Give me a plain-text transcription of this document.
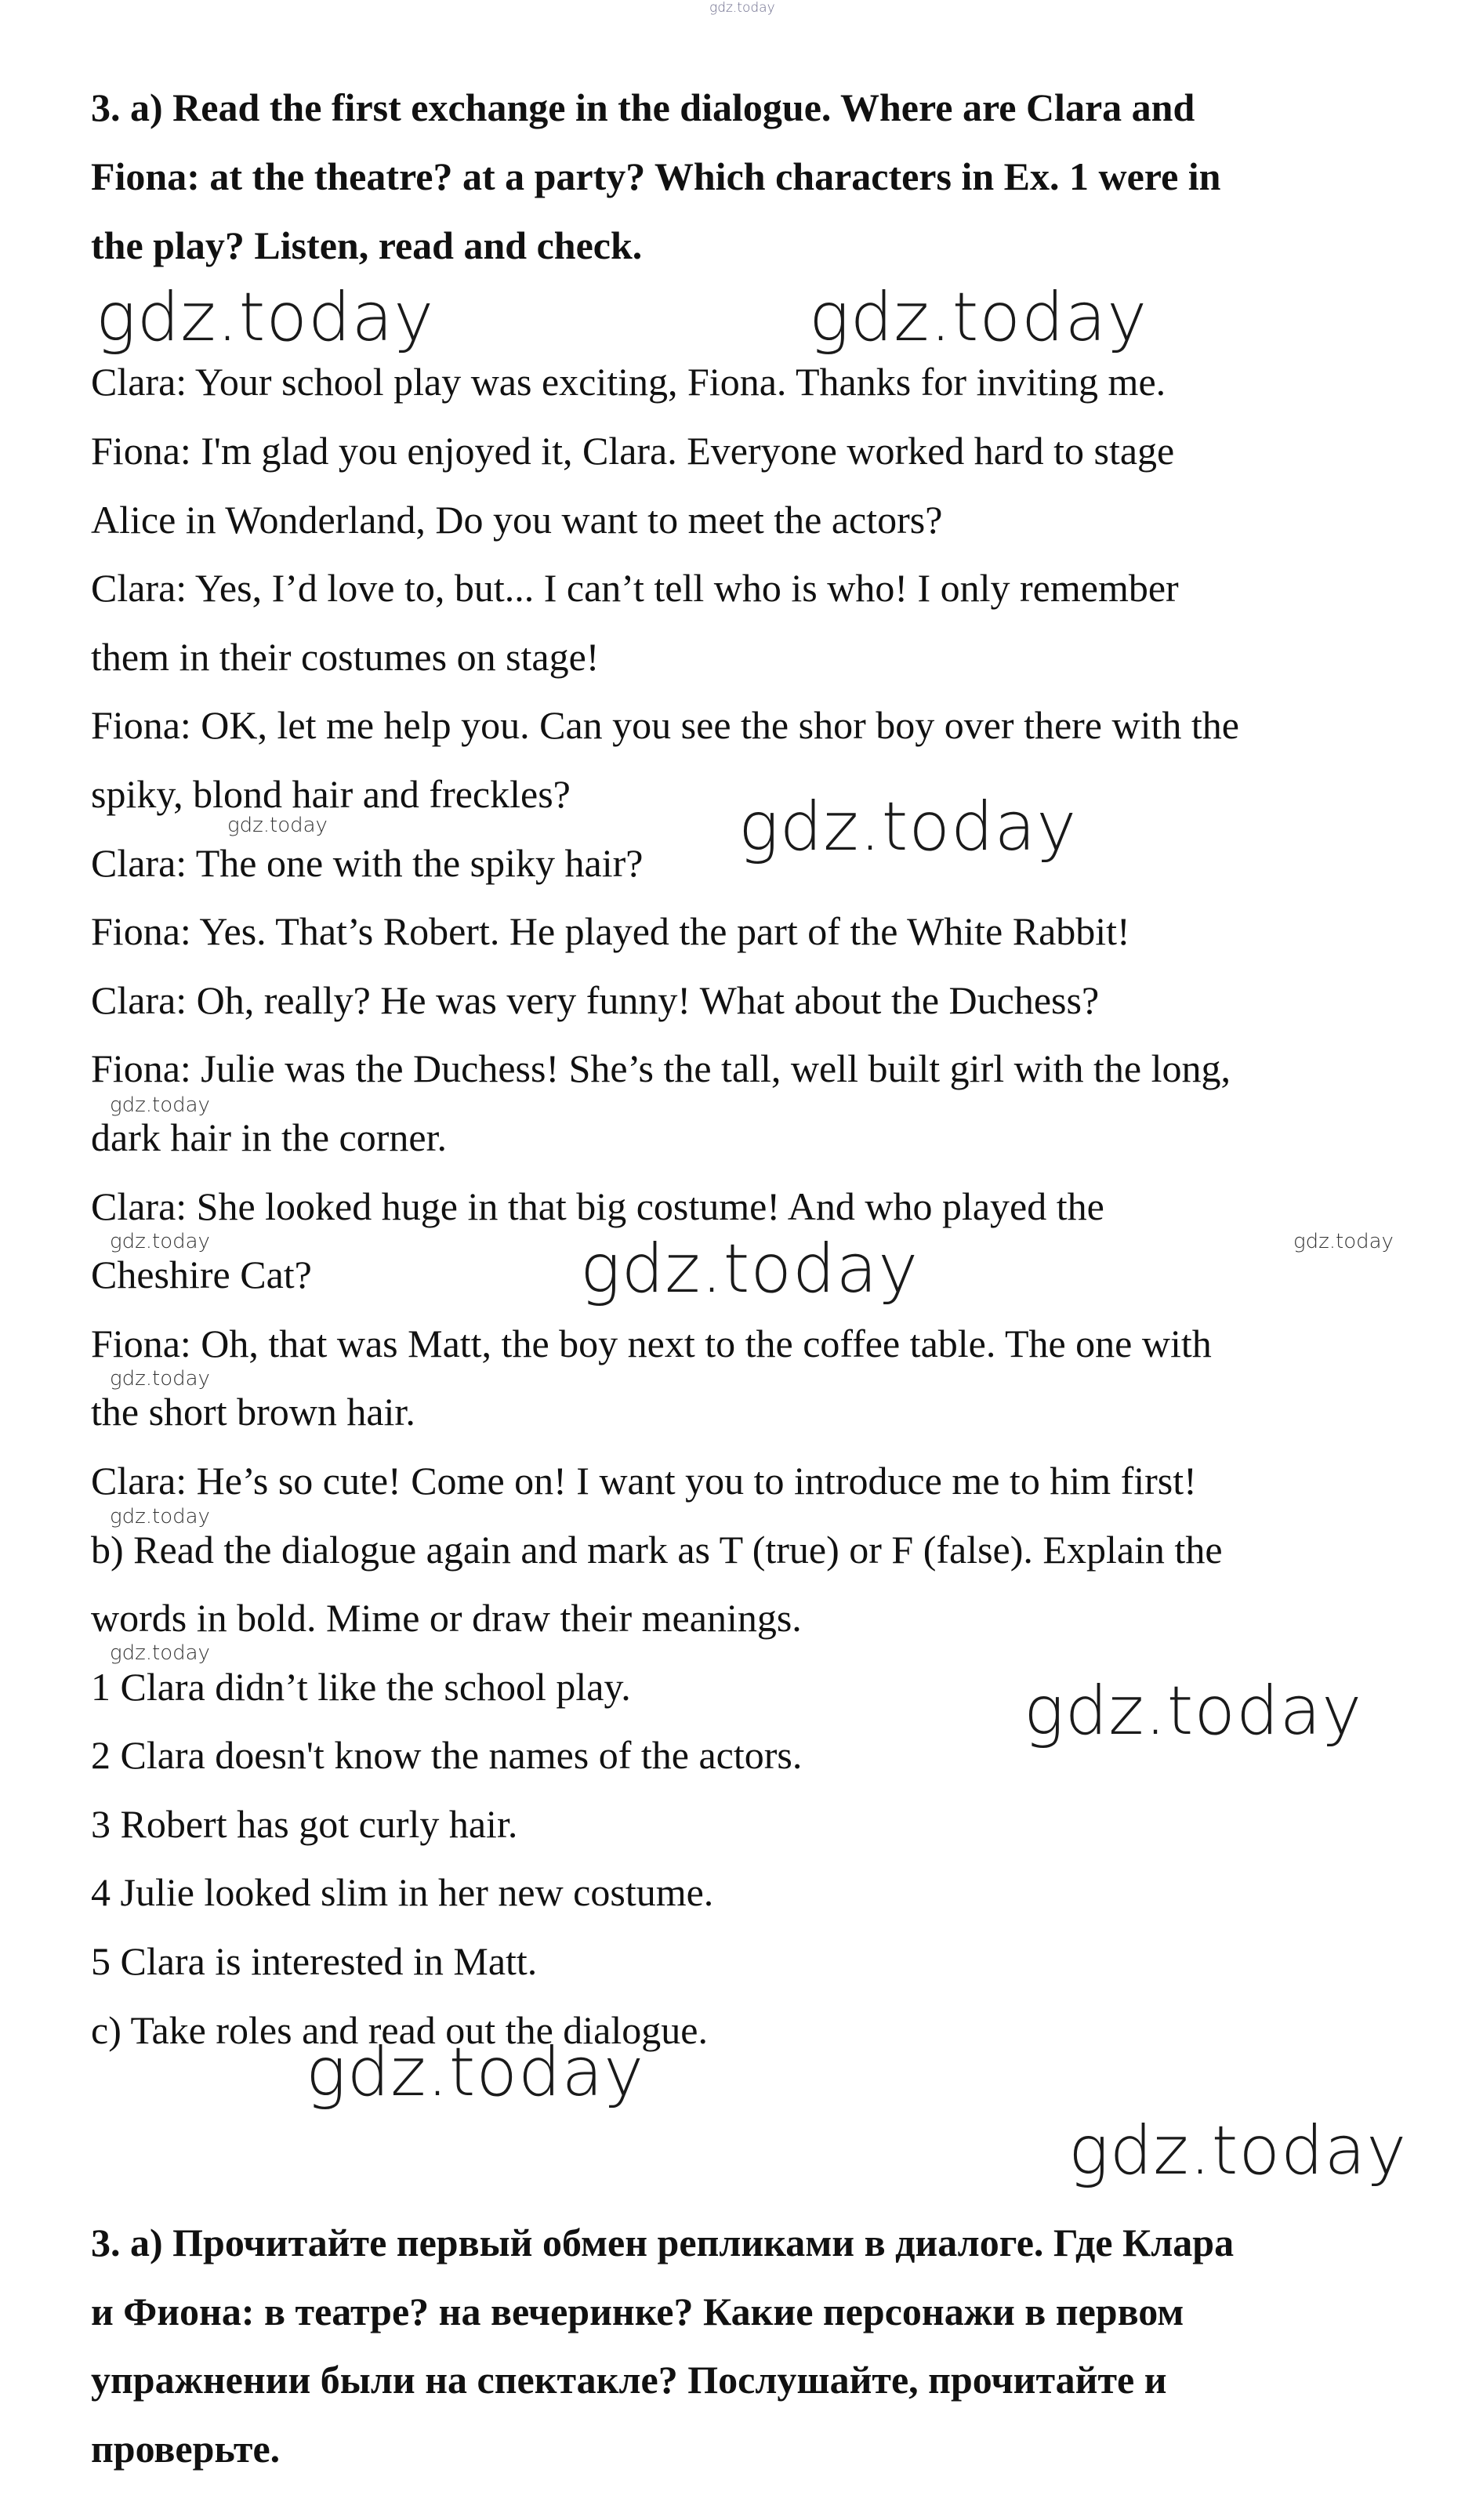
gdz.today
3. a) Read the first exchange in the dialogue. Where are Clara and
Fiona: at the theatre? at a party? Which characters in Ex. 1 were in
the play? Listen, read and check.
Clara: Your school play was exciting, Fiona. Thanks for inviting me.
Fiona: I'm glad you enjoyed it, Clara. Everyone worked hard to stage
Alice in Wonderland, Do you want to meet the actors?
Clara: Yes, I’d love to, but... I can’t tell who is who! I only remember
them in their costumes on stage!
Fiona: OK, let me help you. Can you see the shor boy over there with the
spiky, blond hair and freckles?
Clara: The one with the spiky hair?
Fiona: Yes. That’s Robert. He played the part of the White Rabbit!
Clara: Oh, really? He was very funny! What about the Duchess?
Fiona: Julie was the Duchess! She’s the tall, well built girl with the long,
dark hair in the corner.
Clara: She looked huge in that big costume! And who played the
Cheshire Cat?
Fiona: Oh, that was Matt, the boy next to the coffee table. The one with
the short brown hair.
Clara: He’s so cute! Come on! I want you to introduce me to him first!
b) Read the dialogue again and mark as T (true) or F (false). Explain the
words in bold. Mime or draw their meanings.
1 Clara didn’t like the school play.
2 Clara doesn't know the names of the actors.
3 Robert has got curly hair.
4 Julie looked slim in her new costume.
5 Clara is interested in Matt.
c) Take roles and read out the dialogue.
3. а) Прочитайте первый обмен репликами в диалоге. Где Клара
и Фиона: в театре? на вечеринке? Какие персонажи в первом
упражнении были на спектакле? Послушайте, прочитайте и
проверьте.
gdz.today	gdz.today
gdz.today
gdz.today
gdz.today
gdz.today
gdz.today
gdz.today
gdz.today
gdz.today	gdz.today
gdz.today
gdz.today
gdz.today
